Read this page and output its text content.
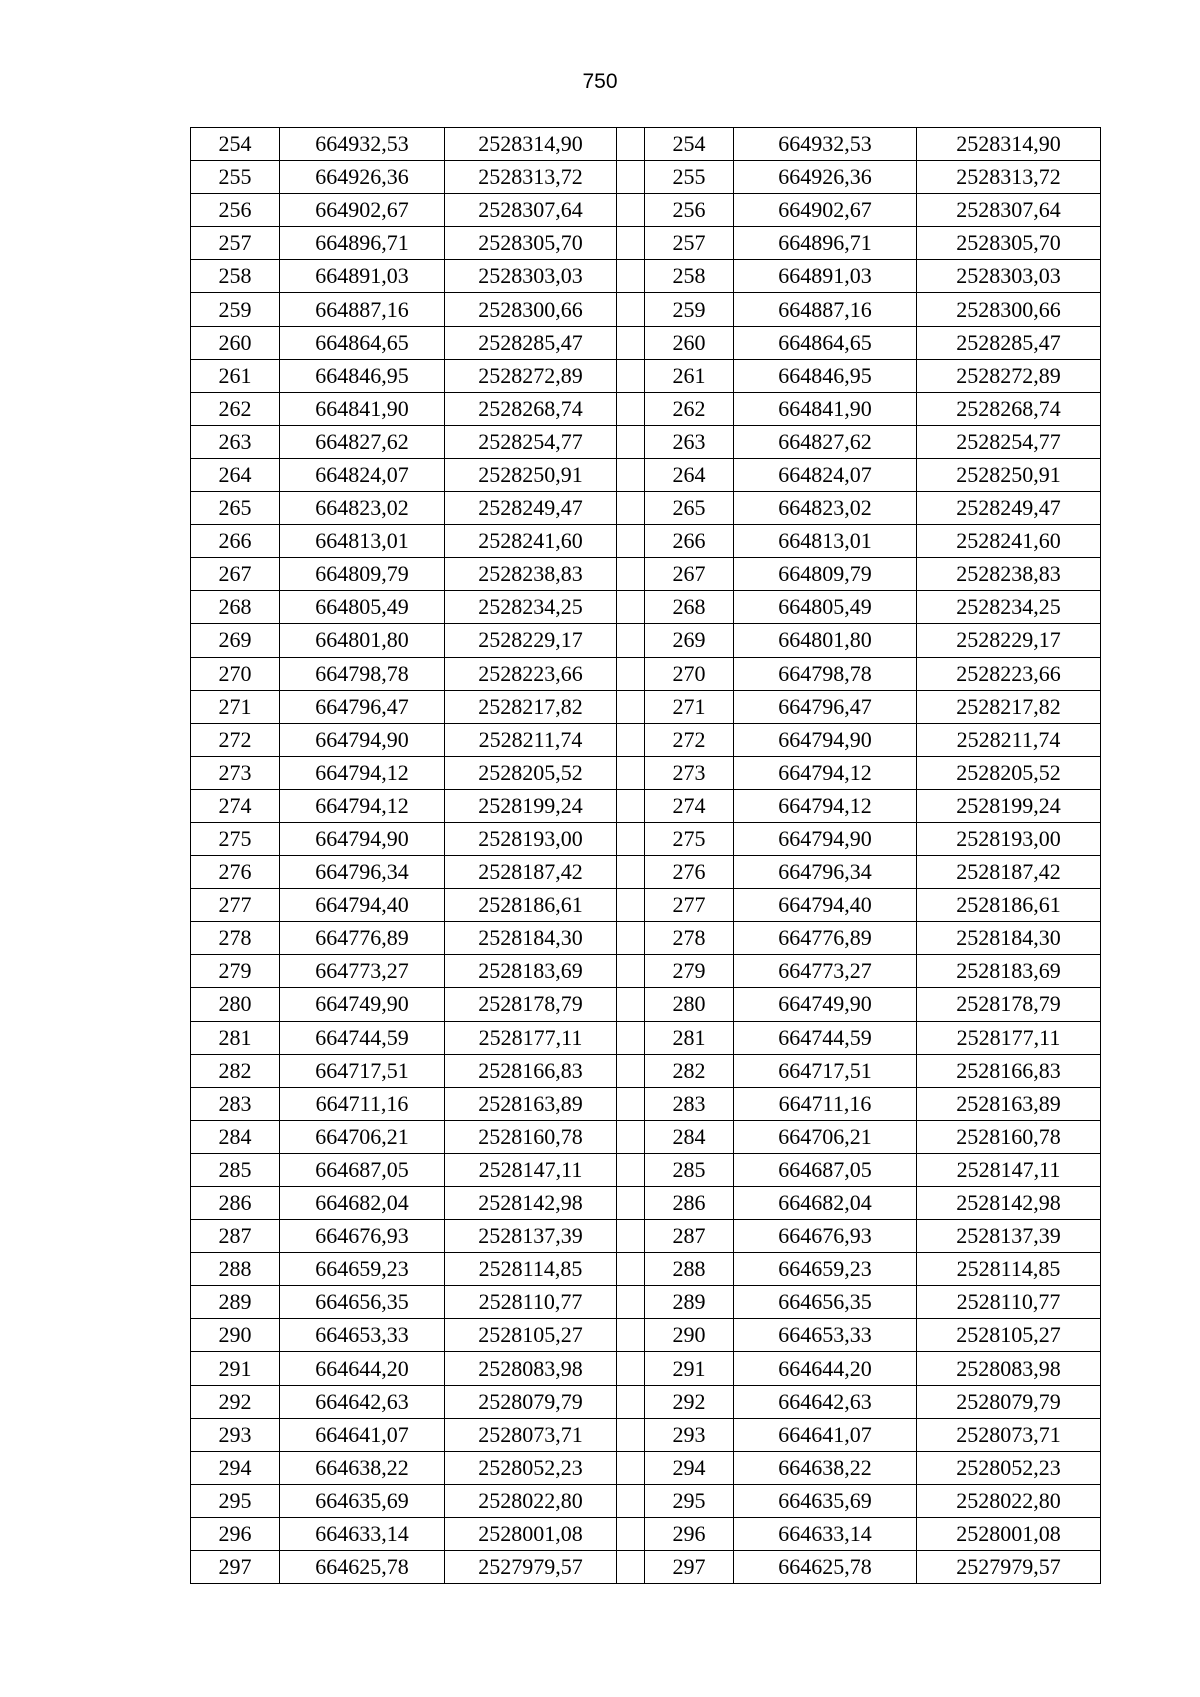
750
254	664932,53	2528314,90		254	664932,53	2528314,90
255	664926,36	2528313,72		255	664926,36	2528313,72
256	664902,67	2528307,64		256	664902,67	2528307,64
257	664896,71	2528305,70		257	664896,71	2528305,70
258	664891,03	2528303,03		258	664891,03	2528303,03
259	664887,16	2528300,66		259	664887,16	2528300,66
260	664864,65	2528285,47		260	664864,65	2528285,47
261	664846,95	2528272,89		261	664846,95	2528272,89
262	664841,90	2528268,74		262	664841,90	2528268,74
263	664827,62	2528254,77		263	664827,62	2528254,77
264	664824,07	2528250,91		264	664824,07	2528250,91
265	664823,02	2528249,47		265	664823,02	2528249,47
266	664813,01	2528241,60		266	664813,01	2528241,60
267	664809,79	2528238,83		267	664809,79	2528238,83
268	664805,49	2528234,25		268	664805,49	2528234,25
269	664801,80	2528229,17		269	664801,80	2528229,17
270	664798,78	2528223,66		270	664798,78	2528223,66
271	664796,47	2528217,82		271	664796,47	2528217,82
272	664794,90	2528211,74		272	664794,90	2528211,74
273	664794,12	2528205,52		273	664794,12	2528205,52
274	664794,12	2528199,24		274	664794,12	2528199,24
275	664794,90	2528193,00		275	664794,90	2528193,00
276	664796,34	2528187,42		276	664796,34	2528187,42
277	664794,40	2528186,61		277	664794,40	2528186,61
278	664776,89	2528184,30		278	664776,89	2528184,30
279	664773,27	2528183,69		279	664773,27	2528183,69
280	664749,90	2528178,79		280	664749,90	2528178,79
281	664744,59	2528177,11		281	664744,59	2528177,11
282	664717,51	2528166,83		282	664717,51	2528166,83
283	664711,16	2528163,89		283	664711,16	2528163,89
284	664706,21	2528160,78		284	664706,21	2528160,78
285	664687,05	2528147,11		285	664687,05	2528147,11
286	664682,04	2528142,98		286	664682,04	2528142,98
287	664676,93	2528137,39		287	664676,93	2528137,39
288	664659,23	2528114,85		288	664659,23	2528114,85
289	664656,35	2528110,77		289	664656,35	2528110,77
290	664653,33	2528105,27		290	664653,33	2528105,27
291	664644,20	2528083,98		291	664644,20	2528083,98
292	664642,63	2528079,79		292	664642,63	2528079,79
293	664641,07	2528073,71		293	664641,07	2528073,71
294	664638,22	2528052,23		294	664638,22	2528052,23
295	664635,69	2528022,80		295	664635,69	2528022,80
296	664633,14	2528001,08		296	664633,14	2528001,08
297	664625,78	2527979,57		297	664625,78	2527979,57
